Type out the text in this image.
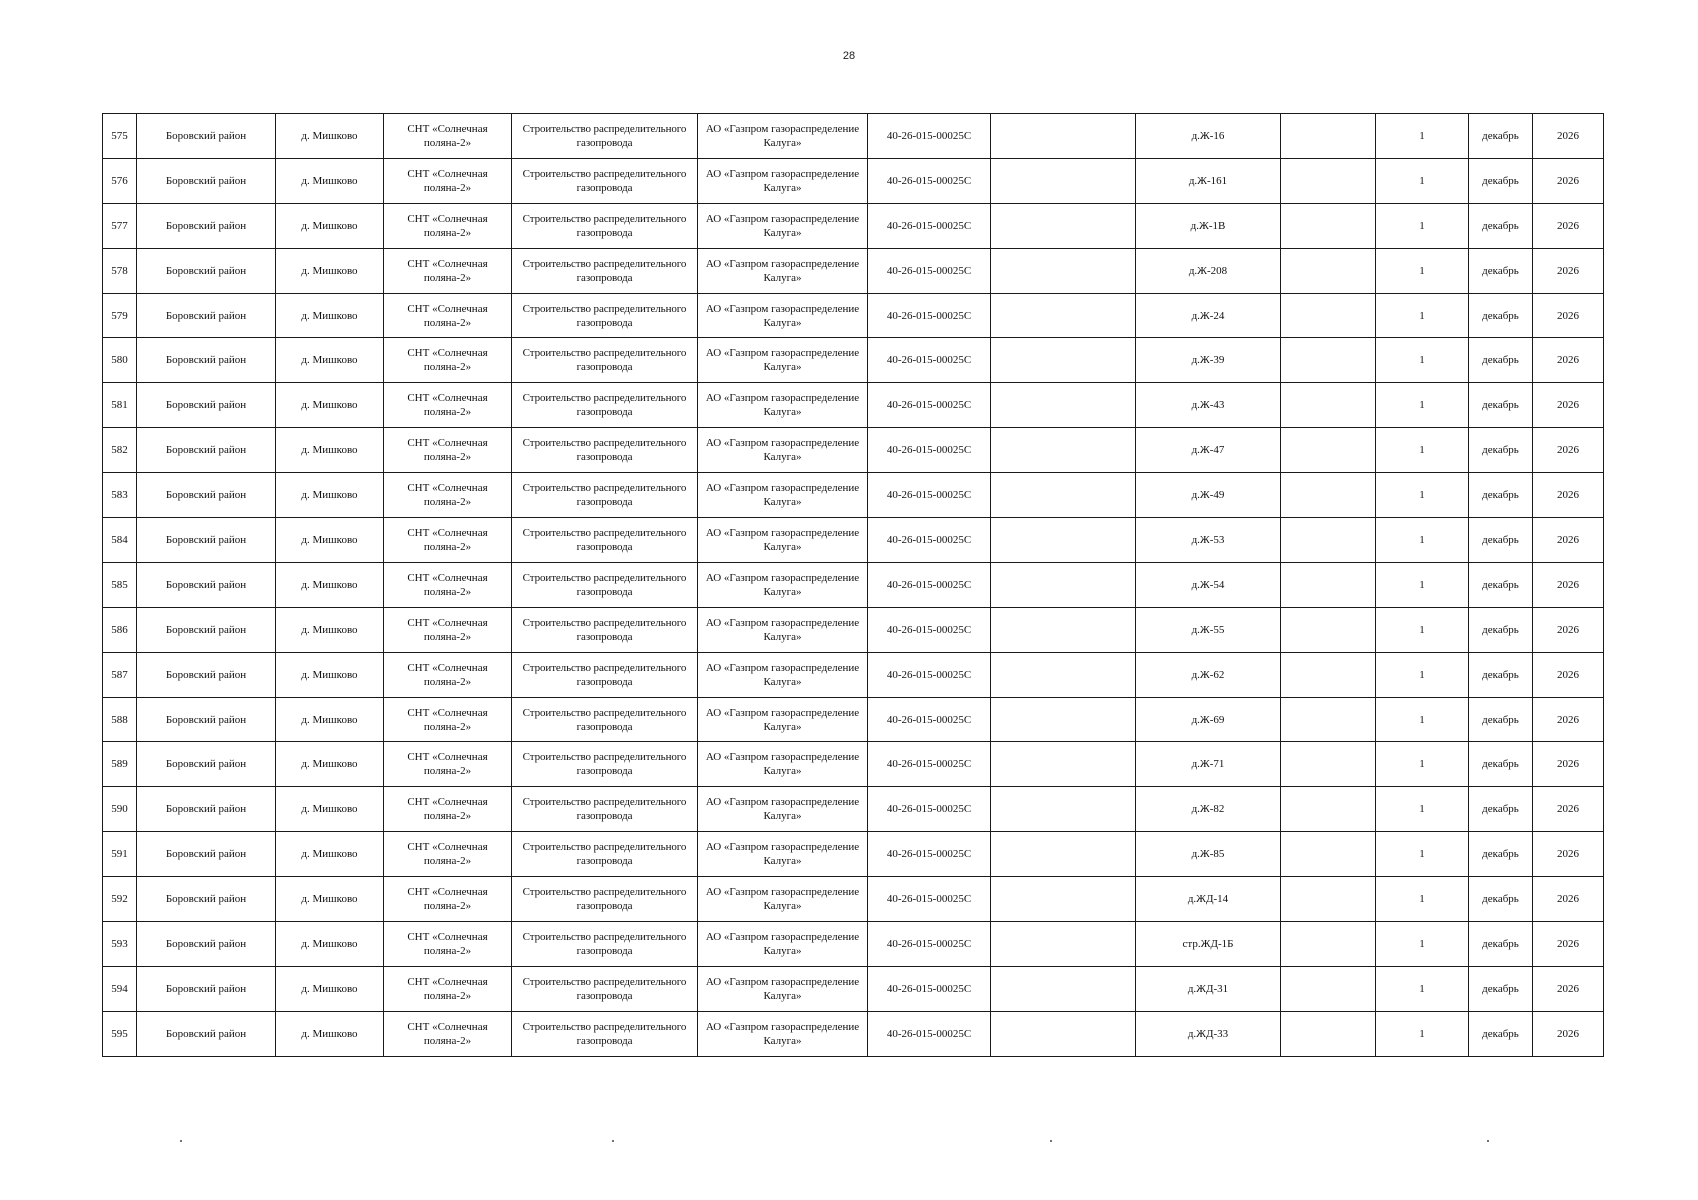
28
575	Боровский район	д. Мишково	СНТ «Солнечная поляна-2»	Строительство распределительного газопровода	АО «Газпром газораспределение Калуга»	40-26-015-00025С		д.Ж-16		1	декабрь	2026
576	Боровский район	д. Мишково	СНТ «Солнечная поляна-2»	Строительство распределительного газопровода	АО «Газпром газораспределение Калуга»	40-26-015-00025С		д.Ж-161		1	декабрь	2026
577	Боровский район	д. Мишково	СНТ «Солнечная поляна-2»	Строительство распределительного газопровода	АО «Газпром газораспределение Калуга»	40-26-015-00025С		д.Ж-1В		1	декабрь	2026
578	Боровский район	д. Мишково	СНТ «Солнечная поляна-2»	Строительство распределительного газопровода	АО «Газпром газораспределение Калуга»	40-26-015-00025С		д.Ж-208		1	декабрь	2026
579	Боровский район	д. Мишково	СНТ «Солнечная поляна-2»	Строительство распределительного газопровода	АО «Газпром газораспределение Калуга»	40-26-015-00025С		д.Ж-24		1	декабрь	2026
580	Боровский район	д. Мишково	СНТ «Солнечная поляна-2»	Строительство распределительного газопровода	АО «Газпром газораспределение Калуга»	40-26-015-00025С		д.Ж-39		1	декабрь	2026
581	Боровский район	д. Мишково	СНТ «Солнечная поляна-2»	Строительство распределительного газопровода	АО «Газпром газораспределение Калуга»	40-26-015-00025С		д.Ж-43		1	декабрь	2026
582	Боровский район	д. Мишково	СНТ «Солнечная поляна-2»	Строительство распределительного газопровода	АО «Газпром газораспределение Калуга»	40-26-015-00025С		д.Ж-47		1	декабрь	2026
583	Боровский район	д. Мишково	СНТ «Солнечная поляна-2»	Строительство распределительного газопровода	АО «Газпром газораспределение Калуга»	40-26-015-00025С		д.Ж-49		1	декабрь	2026
584	Боровский район	д. Мишково	СНТ «Солнечная поляна-2»	Строительство распределительного газопровода	АО «Газпром газораспределение Калуга»	40-26-015-00025С		д.Ж-53		1	декабрь	2026
585	Боровский район	д. Мишково	СНТ «Солнечная поляна-2»	Строительство распределительного газопровода	АО «Газпром газораспределение Калуга»	40-26-015-00025С		д.Ж-54		1	декабрь	2026
586	Боровский район	д. Мишково	СНТ «Солнечная поляна-2»	Строительство распределительного газопровода	АО «Газпром газораспределение Калуга»	40-26-015-00025С		д.Ж-55		1	декабрь	2026
587	Боровский район	д. Мишково	СНТ «Солнечная поляна-2»	Строительство распределительного газопровода	АО «Газпром газораспределение Калуга»	40-26-015-00025С		д.Ж-62		1	декабрь	2026
588	Боровский район	д. Мишково	СНТ «Солнечная поляна-2»	Строительство распределительного газопровода	АО «Газпром газораспределение Калуга»	40-26-015-00025С		д.Ж-69		1	декабрь	2026
589	Боровский район	д. Мишково	СНТ «Солнечная поляна-2»	Строительство распределительного газопровода	АО «Газпром газораспределение Калуга»	40-26-015-00025С		д.Ж-71		1	декабрь	2026
590	Боровский район	д. Мишково	СНТ «Солнечная поляна-2»	Строительство распределительного газопровода	АО «Газпром газораспределение Калуга»	40-26-015-00025С		д.Ж-82		1	декабрь	2026
591	Боровский район	д. Мишково	СНТ «Солнечная поляна-2»	Строительство распределительного газопровода	АО «Газпром газораспределение Калуга»	40-26-015-00025С		д.Ж-85		1	декабрь	2026
592	Боровский район	д. Мишково	СНТ «Солнечная поляна-2»	Строительство распределительного газопровода	АО «Газпром газораспределение Калуга»	40-26-015-00025С		д.ЖД-14		1	декабрь	2026
593	Боровский район	д. Мишково	СНТ «Солнечная поляна-2»	Строительство распределительного газопровода	АО «Газпром газораспределение Калуга»	40-26-015-00025С		стр.ЖД-1Б		1	декабрь	2026
594	Боровский район	д. Мишково	СНТ «Солнечная поляна-2»	Строительство распределительного газопровода	АО «Газпром газораспределение Калуга»	40-26-015-00025С		д.ЖД-31		1	декабрь	2026
595	Боровский район	д. Мишково	СНТ «Солнечная поляна-2»	Строительство распределительного газопровода	АО «Газпром газораспределение Калуга»	40-26-015-00025С		д.ЖД-33		1	декабрь	2026
